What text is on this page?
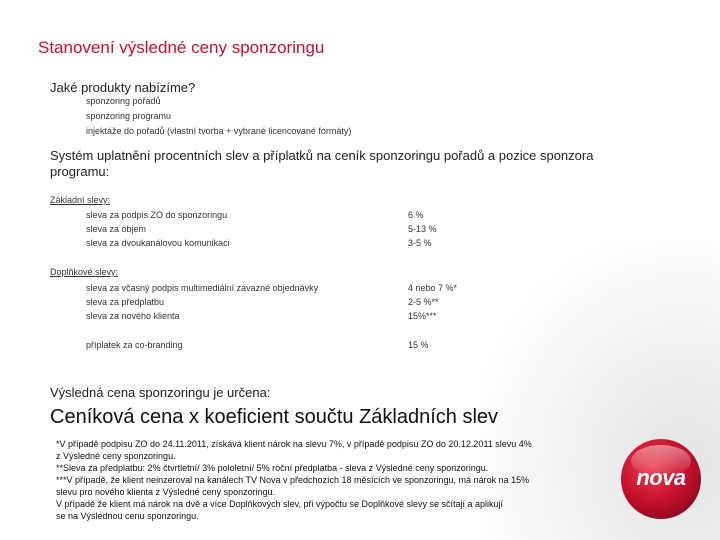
Stanovení výsledné ceny sponzoringu
Jaké produkty nabízíme?
sponzoring pořadů
sponzoring programu
injektáže do pořadů (vlastní tvorba + vybrané licencované formáty)
Systém uplatnění procentních slev a příplatků na ceník sponzoringu pořadů a pozice sponzora
programu:
Základní slevy:
sleva za podpis ZO do sponzoringu	6 %
sleva za objem	5-13 %
sleva za dvoukanálovou komunikaci	3-5 %
Doplňkové slevy:
sleva za včasný podpis multimediální závazné objednávky	4 nebo 7 %*
sleva za předplatbu	2-5 %**
sleva za nového klienta	15%***
příplatek za co-branding	15 %
Výsledná cena sponzoringu je určena:
Ceníková cena x koeficient součtu Základních slev
*V případě podpisu ZO do 24.11.2011, získává klient nárok na slevu 7%, v případě podpisu ZO do 20.12.2011 slevu 4%
z Výsledné ceny sponzoringu.
**Sleva za předplatbu: 2% čtvrtletní/ 3% pololetní/ 5% roční předplatba - sleva z Výsledné ceny sponzoringu.
***V případě, že klient neinzeroval na kanálech TV Nova v předchozích 18 měsících ve sponzoringu, má nárok na 15%
slevu pro nového klienta z Výsledné ceny sponzoringu.
V případě že klient má nárok na dvě a více Doplňkových slev, při výpočtu se Doplňkové slevy se sčítají a aplikují
se na Výslednou cenu sponzoringu.
nova
